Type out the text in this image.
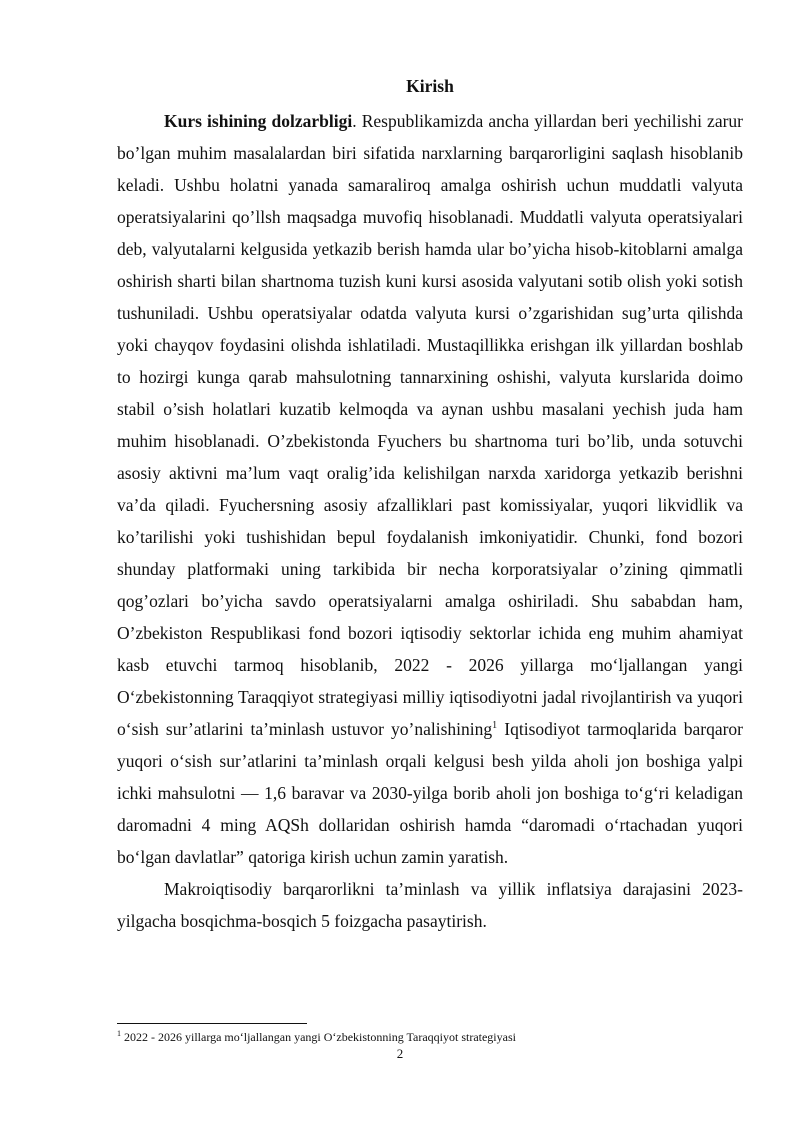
Kirish

Kurs ishining dolzarbligi. Respublikamizda ancha yillardan beri yechilishi zarur bo’lgan muhim masalalardan biri sifatida narxlarning barqarorligini saqlash hisoblanib keladi. Ushbu holatni yanada samaraliroq amalga oshirish uchun muddatli valyuta operatsiyalarini qo’llsh maqsadga muvofiq hisoblanadi. Muddatli valyuta operatsiyalari deb, valyutalarni kelgusida yetkazib berish hamda ular bo’yicha hisob-kitoblarni amalga oshirish sharti bilan shartnoma tuzish kuni kursi asosida valyutani sotib olish yoki sotish tushuniladi. Ushbu operatsiyalar odatda valyuta kursi o’zgarishidan sug’urta qilishda yoki chayqov foydasini olishda ishlatiladi. Mustaqillikka erishgan ilk yillardan boshlab to hozirgi kunga qarab mahsulotning tannarxining oshishi, valyuta kurslarida doimo stabil o’sish holatlari kuzatib kelmoqda va aynan ushbu masalani yechish juda ham muhim hisoblanadi. O’zbekistonda Fyuchers bu shartnoma turi bo’lib, unda sotuvchi asosiy aktivni ma’lum vaqt oralig’ida kelishilgan narxda xaridorga yetkazib berishni va’da qiladi. Fyuchersning asosiy afzalliklari past komissiyalar, yuqori likvidlik va ko’tarilishi yoki tushishidan bepul foydalanish imkoniyatidir. Chunki, fond bozori shunday platformaki uning tarkibida bir necha korporatsiyalar o’zining qimmatli qog’ozlari bo’yicha savdo operatsiyalarni amalga oshiriladi. Shu sababdan ham, O’zbekiston Respublikasi fond bozori iqtisodiy sektorlar ichida eng muhim ahamiyat kasb etuvchi tarmoq hisoblanib, 2022 - 2026 yillarga mo‘ljallangan yangi O‘zbekistonning Taraqqiyot strategiyasi milliy iqtisodiyotni jadal rivojlantirish va yuqori o‘sish sur’atlarini ta’minlash ustuvor yo’nalishining$^1$ Iqtisodiyot tarmoqlarida barqaror yuqori o‘sish sur’atlarini ta’minlash orqali kelgusi besh yilda aholi jon boshiga yalpi ichki mahsulotni — 1,6 baravar va 2030-yilga borib aholi jon boshiga to‘g‘ri keladigan daromadni 4 ming AQSh dollaridan oshirish hamda “daromadi o‘rtachadan yuqori bo‘lgan davlatlar” qatoriga kirish uchun zamin yaratish.

Makroiqtisodiy barqarorlikni ta’minlash va yillik inflatsiya darajasini 2023-yilgacha bosqichma-bosqich 5 foizgacha pasaytirish.

$^1$ 2022 - 2026 yillarga mo‘ljallangan yangi O‘zbekistonning Taraqqiyot strategiyasi
2
